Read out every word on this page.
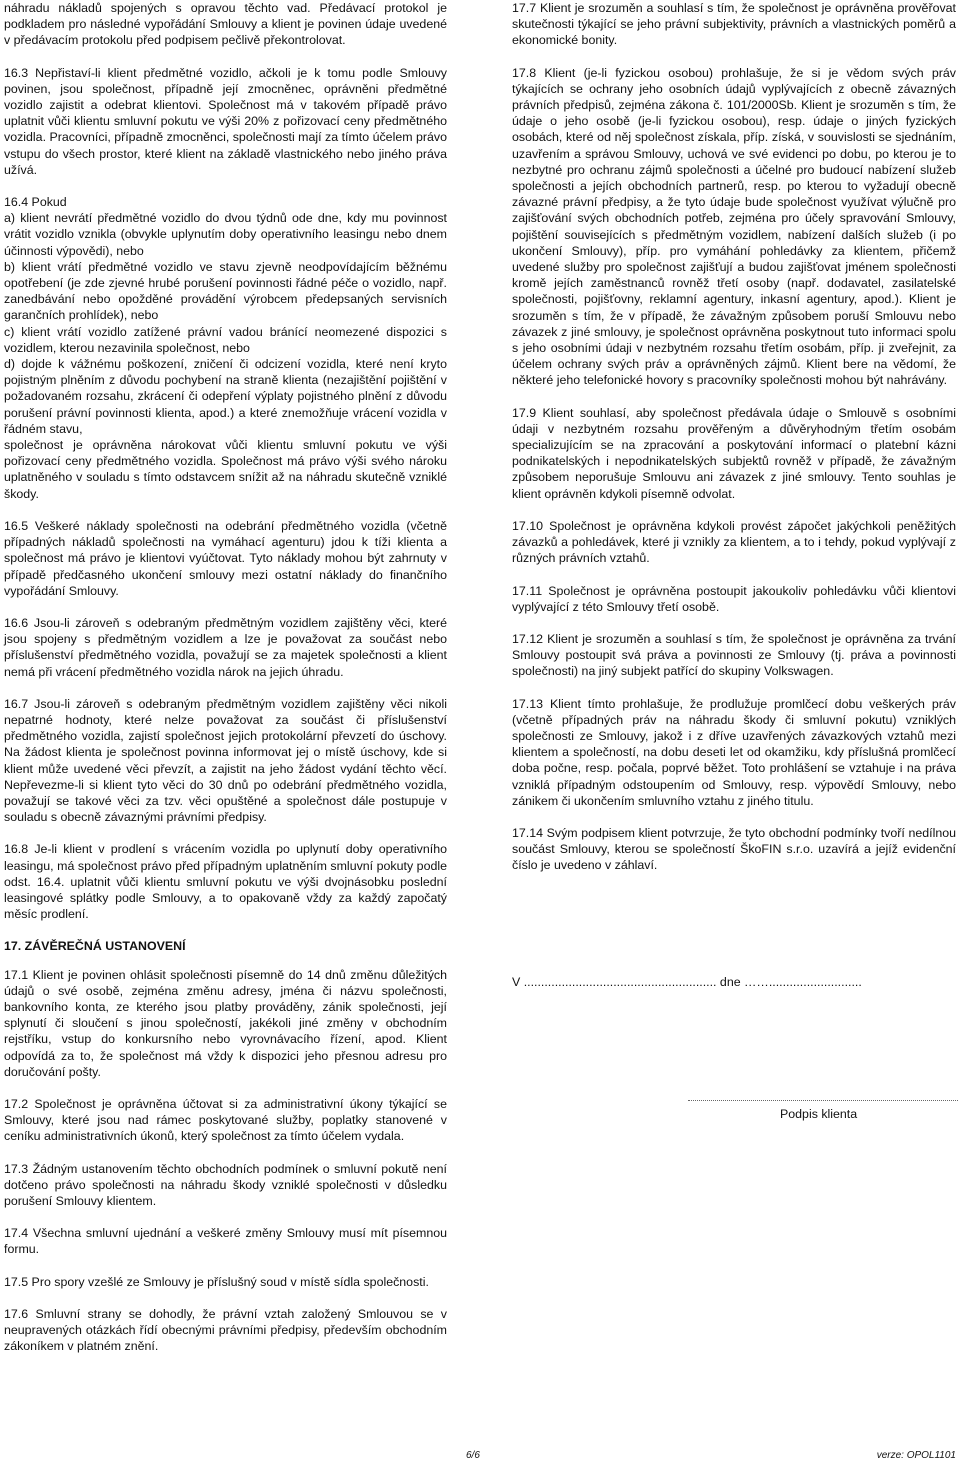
náhradu nákladů spojených s opravou těchto vad. Předávací protokol je podkladem pro následné vypořádání Smlouvy a klient je povinen údaje uvedené v předávacím protokolu před podpisem pečlivě překontrolovat.

16.3 Nepřistaví-li klient předmětné vozidlo, ačkoli je k tomu podle Smlouvy povinen, jsou společnost, případně její zmocněnec, oprávněni předmětné vozidlo zajistit a odebrat klientovi. Společnost má v takovém případě právo uplatnit vůči klientu smluvní pokutu ve výši 20% z pořizovací ceny předmětného vozidla. Pracovníci, případně zmocněnci, společnosti mají za tímto účelem právo vstupu do všech prostor, které klient na základě vlastnického nebo jiného práva užívá.

16.4 Pokud

a) klient nevrátí předmětné vozidlo do dvou týdnů ode dne, kdy mu povinnost vrátit vozidlo vznikla (obvykle uplynutím doby operativního leasingu nebo dnem účinnosti výpovědi), nebo

b) klient vrátí předmětné vozidlo ve stavu zjevně neodpovídajícím běžnému opotřebení (je zde zjevné hrubé porušení povinnosti řádné péče o vozidlo, např. zanedbávání nebo opožděné provádění výrobcem předepsaných servisních garančních prohlídek), nebo

c) klient vrátí vozidlo zatížené právní vadou bránící neomezené dispozici s vozidlem, kterou nezavinila společnost, nebo

d) dojde k vážnému poškození, zničení či odcizení vozidla, které není kryto pojistným plněním z důvodu pochybení na straně klienta (nezajištění pojištění v požadovaném rozsahu, zkrácení či odepření výplaty pojistného plnění z důvodu porušení právní povinnosti klienta, apod.) a které znemožňuje vrácení vozidla v řádném stavu,

společnost je oprávněna nárokovat vůči klientu smluvní pokutu ve výši pořizovací ceny předmětného vozidla. Společnost má právo výši svého nároku uplatněného v souladu s tímto odstavcem snížit až na náhradu skutečně vzniklé škody.

16.5 Veškeré náklady společnosti na odebrání předmětného vozidla (včetně případných nákladů společnosti na vymáhací agenturu) jdou k tíži klienta a společnost má právo je klientovi vyúčtovat. Tyto náklady mohou být zahrnuty v případě předčasného ukončení smlouvy mezi ostatní náklady do finančního vypořádání Smlouvy.

16.6 Jsou-li zároveň s odebraným předmětným vozidlem zajištěny věci, které jsou spojeny s předmětným vozidlem a lze je považovat za součást nebo příslušenství předmětného vozidla, považují se za majetek společnosti a klient nemá při vrácení předmětného vozidla nárok na jejich úhradu.

16.7 Jsou-li zároveň s odebraným předmětným vozidlem zajištěny věci nikoli nepatrné hodnoty, které nelze považovat za součást či příslušenství předmětného vozidla, zajistí společnost jejich protokolární převzetí do úschovy. Na žádost klienta je společnost povinna informovat jej o místě úschovy, kde si klient může uvedené věci převzít, a zajistit na jeho žádost vydání těchto věcí. Nepřevezme-li si klient tyto věci do 30 dnů po odebrání předmětného vozidla, považují se takové věci za tzv. věci opuštěné a společnost dále postupuje v souladu s obecně závaznými právními předpisy.

16.8 Je-li klient v prodlení s vrácením vozidla po uplynutí doby operativního leasingu, má společnost právo před případným uplatněním smluvní pokuty podle odst. 16.4. uplatnit vůči klientu smluvní pokutu ve výši dvojnásobku poslední leasingové splátky podle Smlouvy, a to opakovaně vždy za každý započatý měsíc prodlení.

17. ZÁVĚREČNÁ USTANOVENÍ

17.1 Klient je povinen ohlásit společnosti písemně do 14 dnů změnu důležitých údajů o své osobě, zejména změnu adresy, jména či názvu společnosti, bankovního konta, ze kterého jsou platby prováděny, zánik společnosti, její splynutí či sloučení s jinou společností, jakékoli jiné změny v obchodním rejstříku, vstup do konkursního nebo vyrovnávacího řízení, apod. Klient odpovídá za to, že společnost má vždy k dispozici jeho přesnou adresu pro doručování pošty.

17.2 Společnost je oprávněna účtovat si za administrativní úkony týkající se Smlouvy, které jsou nad rámec poskytované služby, poplatky stanovené v ceníku administrativních úkonů, který společnost za tímto účelem vydala.

17.3 Žádným ustanovením těchto obchodních podmínek o smluvní pokutě není dotčeno právo společnosti na náhradu škody vzniklé společnosti v důsledku porušení Smlouvy klientem.

17.4 Všechna smluvní ujednání a veškeré změny Smlouvy musí mít písemnou formu.

17.5 Pro spory vzešlé ze Smlouvy je příslušný soud v místě sídla společnosti.

17.6 Smluvní strany se dohodly, že právní vztah založený Smlouvou se v neupravených otázkách řídí obecnými právními předpisy, především obchodním zákoníkem v platném znění.

17.7 Klient je srozuměn a souhlasí s tím, že společnost je oprávněna prověřovat skutečnosti týkající se jeho právní subjektivity, právních a vlastnických poměrů a ekonomické bonity.

17.8 Klient (je-li fyzickou osobou) prohlašuje, že si je vědom svých práv týkajících se ochrany jeho osobních údajů vyplývajících z obecně závazných právních předpisů, zejména zákona č. 101/2000Sb. Klient je srozuměn s tím, že údaje o jeho osobě (je-li fyzickou osobou), resp. údaje o jiných fyzických osobách, které od něj společnost získala, příp. získá, v souvislosti se sjednáním, uzavřením a správou Smlouvy, uchová ve své evidenci po dobu, po kterou je to nezbytné pro ochranu zájmů společnosti a účelné pro budoucí nabízení služeb společnosti a jejích obchodních partnerů, resp. po kterou to vyžadují obecně závazné právní předpisy, a že tyto údaje bude společnost využívat výlučně pro zajišťování svých obchodních potřeb, zejména pro účely spravování Smlouvy, pojištění souvisejících s předmětným vozidlem, nabízení dalších služeb (i po ukončení Smlouvy), příp. pro vymáhání pohledávky za klientem, přičemž uvedené služby pro společnost zajišťují a budou zajišťovat jménem společnosti kromě jejích zaměstnanců rovněž třetí osoby (např. dodavatel, zasilatelské společnosti, pojišťovny, reklamní agentury, inkasní agentury, apod.). Klient je srozuměn s tím, že v případě, že závažným způsobem poruší Smlouvu nebo závazek z jiné smlouvy, je společnost oprávněna poskytnout tuto informaci spolu s jeho osobními údaji v nezbytném rozsahu třetím osobám, příp. ji zveřejnit, za účelem ochrany svých práv a oprávněných zájmů. Klient bere na vědomí, že některé jeho telefonické hovory s pracovníky společnosti mohou být nahrávány.

17.9 Klient souhlasí, aby společnost předávala údaje o Smlouvě s osobními údaji v nezbytném rozsahu prověřeným a důvěryhodným třetím osobám specializujícím se na zpracování a poskytování informací o platební kázni podnikatelských i nepodnikatelských subjektů rovněž v případě, že závažným způsobem neporušuje Smlouvu ani závazek z jiné smlouvy. Tento souhlas je klient oprávněn kdykoli písemně odvolat.

17.10 Společnost je oprávněna kdykoli provést zápočet jakýchkoli peněžitých závazků a pohledávek, které ji vznikly za klientem, a to i tehdy, pokud vyplývají z různých právních vztahů.

17.11 Společnost je oprávněna postoupit jakoukoliv pohledávku vůči klientovi vyplývající z této Smlouvy třetí osobě.

17.12 Klient je srozuměn a souhlasí s tím, že společnost je oprávněna za trvání Smlouvy postoupit svá práva a povinnosti ze Smlouvy (tj. práva a povinnosti společnosti) na jiný subjekt patřící do skupiny Volkswagen.

17.13 Klient tímto prohlašuje, že prodlužuje promlčecí dobu veškerých práv (včetně případných práv na náhradu škody či smluvní pokutu) vzniklých společnosti ze Smlouvy, jakož i z dříve uzavřených závazkových vztahů mezi klientem a společností, na dobu deseti let od okamžiku, kdy příslušná promlčecí doba počne, resp. počala, poprvé běžet. Toto prohlášení se vztahuje i na práva vzniklá případným odstoupením od Smlouvy, resp. výpovědí Smlouvy, nebo zánikem či ukončením smluvního vztahu z jiného titulu.

17.14 Svým podpisem klient potvrzuje, že tyto obchodní podmínky tvoří nedílnou součást Smlouvy, kterou se společností ŠkoFIN s.r.o. uzavírá a jejíž evidenční číslo je uvedeno v záhlaví.

V ........................................................ dne ……...........................
Podpis klienta
6/6	verze: OPOL1101
